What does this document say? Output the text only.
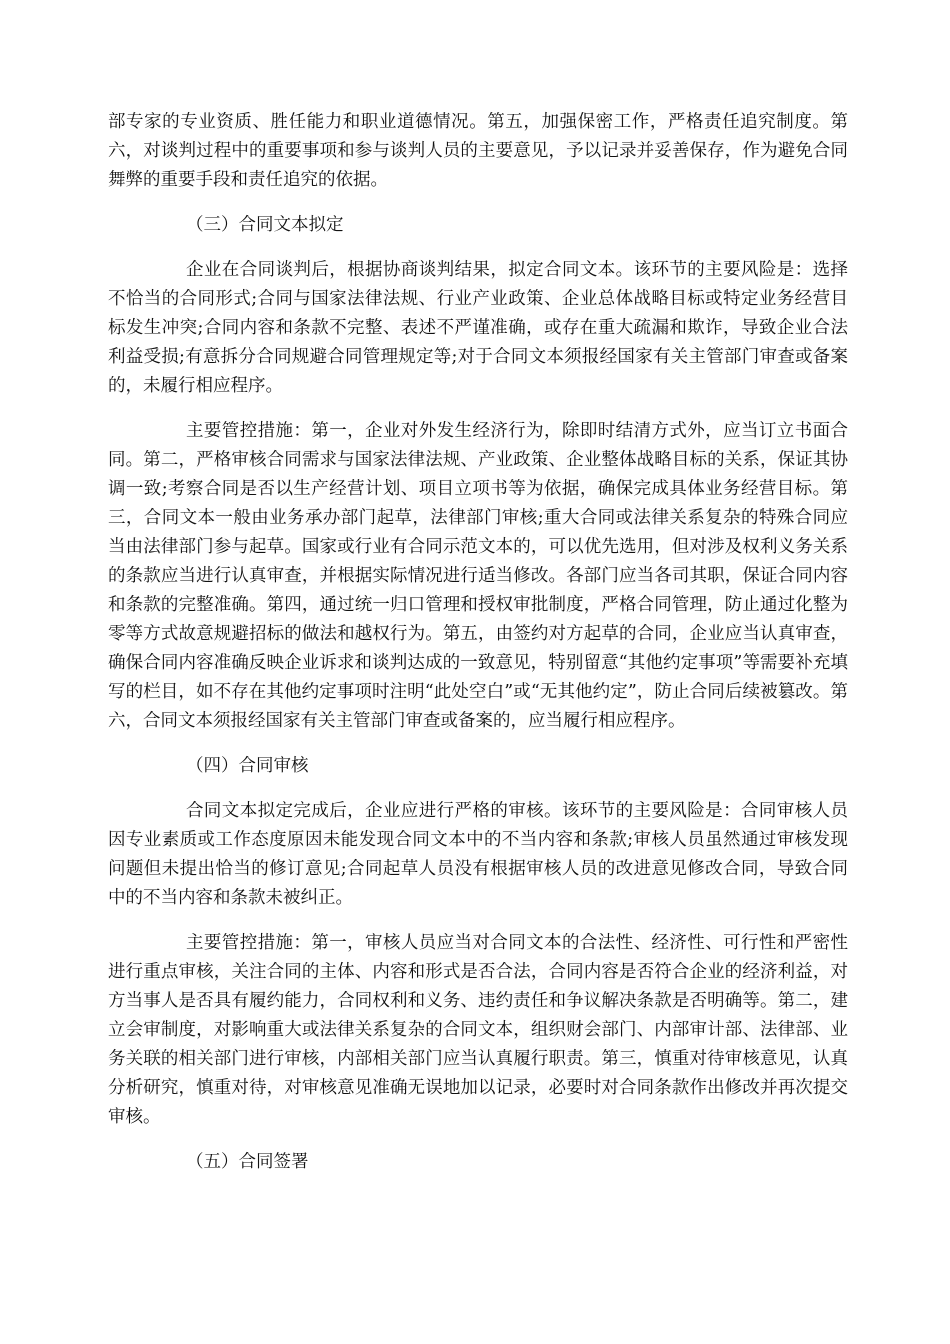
部专家的专业资质、胜任能力和职业道德情况。第五，加强保密工作，严格责任追究制度。第六，对谈判过程中的重要事项和参与谈判人员的主要意见，予以记录并妥善保存，作为避免合同舞弊的重要手段和责任追究的依据。

（三）合同文本拟定

企业在合同谈判后，根据协商谈判结果，拟定合同文本。该环节的主要风险是：选择不恰当的合同形式;合同与国家法律法规、行业产业政策、企业总体战略目标或特定业务经营目标发生冲突;合同内容和条款不完整、表述不严谨准确，或存在重大疏漏和欺诈，导致企业合法利益受损;有意拆分合同规避合同管理规定等;对于合同文本须报经国家有关主管部门审查或备案的，未履行相应程序。

主要管控措施：第一，企业对外发生经济行为，除即时结清方式外，应当订立书面合同。第二，严格审核合同需求与国家法律法规、产业政策、企业整体战略目标的关系，保证其协调一致;考察合同是否以生产经营计划、项目立项书等为依据，确保完成具体业务经营目标。第三，合同文本一般由业务承办部门起草，法律部门审核;重大合同或法律关系复杂的特殊合同应当由法律部门参与起草。国家或行业有合同示范文本的，可以优先选用，但对涉及权利义务关系的条款应当进行认真审查，并根据实际情况进行适当修改。各部门应当各司其职，保证合同内容和条款的完整准确。第四，通过统一归口管理和授权审批制度，严格合同管理，防止通过化整为零等方式故意规避招标的做法和越权行为。第五，由签约对方起草的合同，企业应当认真审查，确保合同内容准确反映企业诉求和谈判达成的一致意见，特别留意“其他约定事项”等需要补充填写的栏目，如不存在其他约定事项时注明“此处空白”或“无其他约定”，防止合同后续被篡改。第六，合同文本须报经国家有关主管部门审查或备案的，应当履行相应程序。

（四）合同审核

合同文本拟定完成后，企业应进行严格的审核。该环节的主要风险是：合同审核人员因专业素质或工作态度原因未能发现合同文本中的不当内容和条款;审核人员虽然通过审核发现问题但未提出恰当的修订意见;合同起草人员没有根据审核人员的改进意见修改合同，导致合同中的不当内容和条款未被纠正。

主要管控措施：第一，审核人员应当对合同文本的合法性、经济性、可行性和严密性进行重点审核，关注合同的主体、内容和形式是否合法，合同内容是否符合企业的经济利益，对方当事人是否具有履约能力，合同权利和义务、违约责任和争议解决条款是否明确等。第二，建立会审制度，对影响重大或法律关系复杂的合同文本，组织财会部门、内部审计部、法律部、业务关联的相关部门进行审核，内部相关部门应当认真履行职责。第三，慎重对待审核意见，认真分析研究，慎重对待，对审核意见准确无误地加以记录，必要时对合同条款作出修改并再次提交审核。

（五）合同签署
